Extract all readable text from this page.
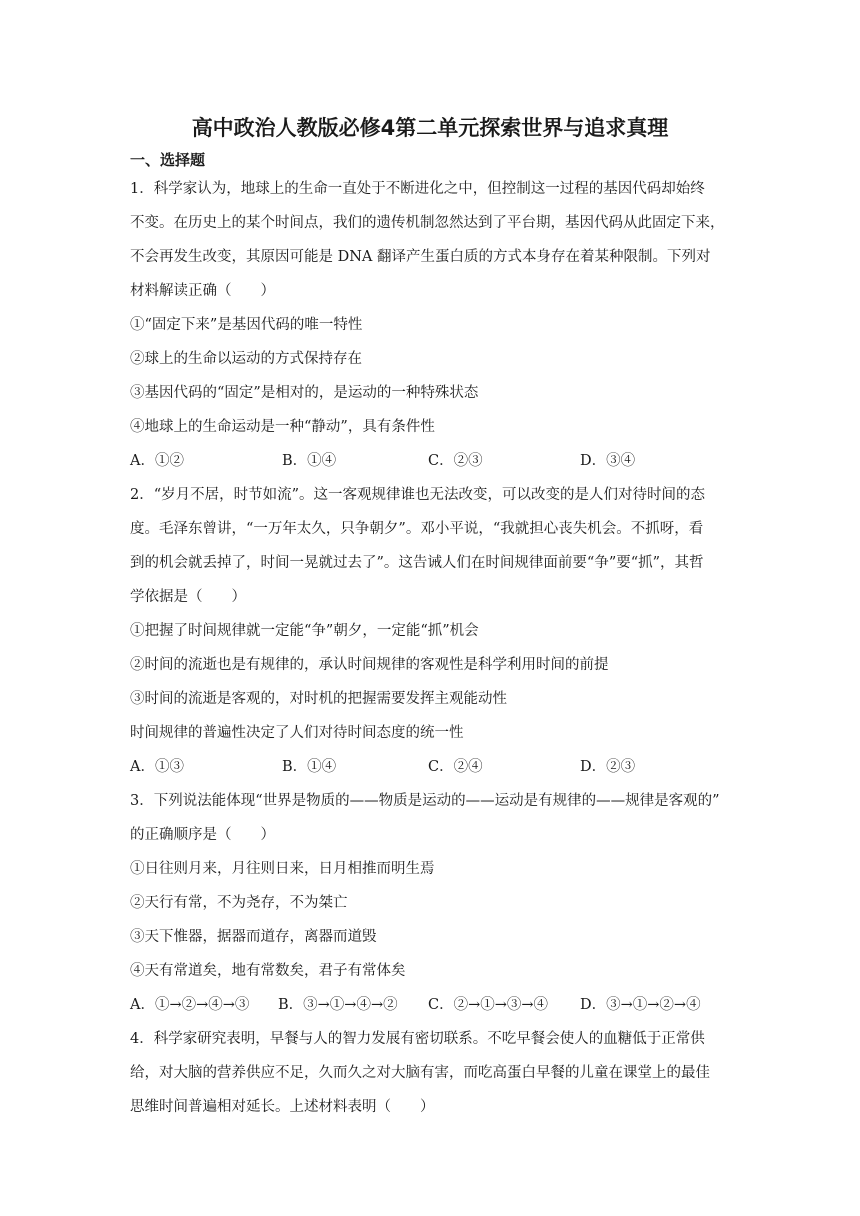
高中政治人教版必修4第二单元探索世界与追求真理
一、选择题
1．科学家认为，地球上的生命一直处于不断进化之中，但控制这一过程的基因代码却始终
不变。在历史上的某个时间点，我们的遗传机制忽然达到了平台期，基因代码从此固定下来，
不会再发生改变，其原因可能是 DNA 翻译产生蛋白质的方式本身存在着某种限制。下列对
材料解读正确（　　）
①“固定下来”是基因代码的唯一特性
②球上的生命以运动的方式保持存在
③基因代码的“固定”是相对的，是运动的一种特殊状态
④地球上的生命运动是一种“静动”，具有条件性
A．①②	B．①④	C．②③	D．③④
2．“岁月不居，时节如流”。这一客观规律谁也无法改变，可以改变的是人们对待时间的态
度。毛泽东曾讲，“一万年太久，只争朝夕”。邓小平说，“我就担心丧失机会。不抓呀，看
到的机会就丢掉了，时间一晃就过去了”。这告诫人们在时间规律面前要“争”要“抓”，其哲
学依据是（　　）
①把握了时间规律就一定能“争”朝夕，一定能“抓”机会
②时间的流逝也是有规律的，承认时间规律的客观性是科学利用时间的前提
③时间的流逝是客观的，对时机的把握需要发挥主观能动性
时间规律的普遍性决定了人们对待时间态度的统一性
A．①③	B．①④	C．②④	D．②③
3．下列说法能体现“世界是物质的——物质是运动的——运动是有规律的——规律是客观的”
的正确顺序是（　　）
①日往则月来，月往则日来，日月相推而明生焉
②天行有常，不为尧存，不为桀亡
③天下惟器，据器而道存，离器而道毁
④天有常道矣，地有常数矣，君子有常体矣
A．①→②→④→③ B．③→①→④→② C．②→①→③→④ D．③→①→②→④
4．科学家研究表明，早餐与人的智力发展有密切联系。不吃早餐会使人的血糖低于正常供
给，对大脑的营养供应不足，久而久之对大脑有害，而吃高蛋白早餐的儿童在课堂上的最佳
思维时间普遍相对延长。上述材料表明（　　）
